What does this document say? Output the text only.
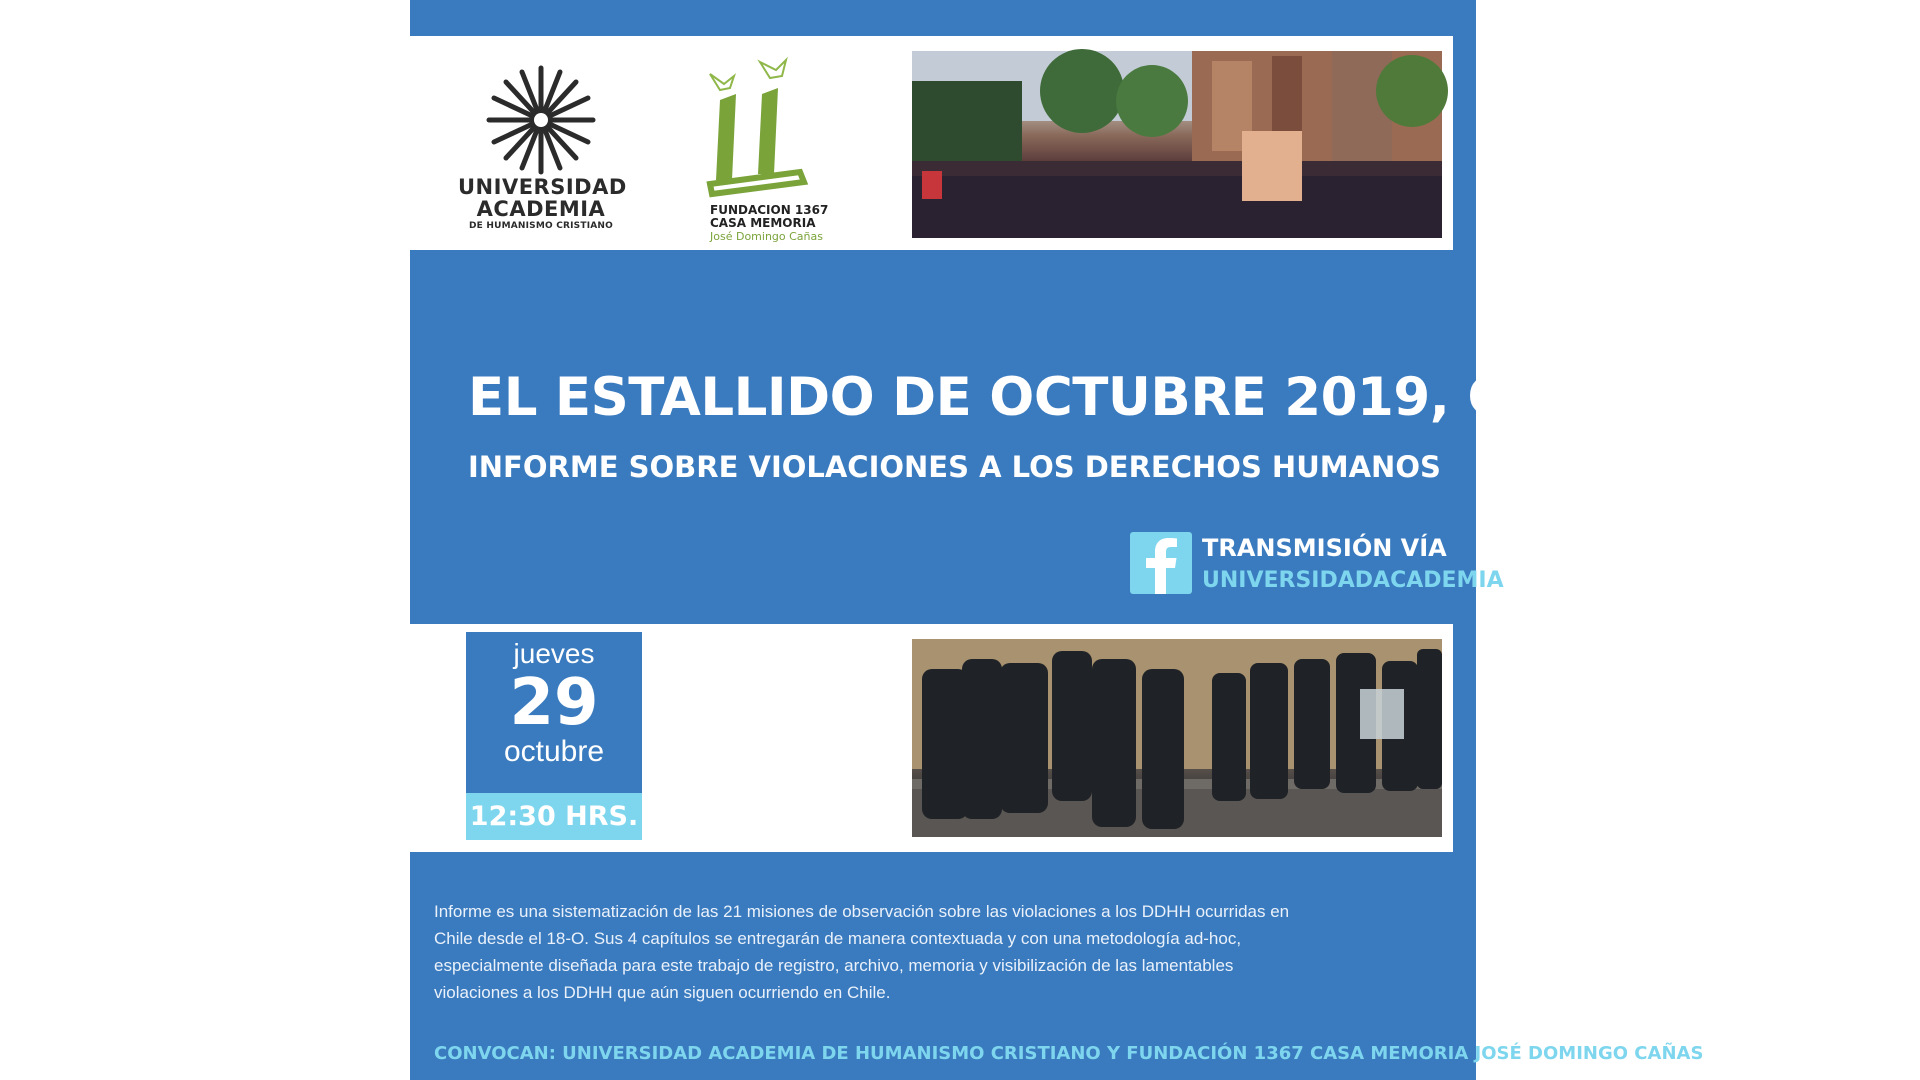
UNIVERSIDAD
ACADEMIA
DE HUMANISMO CRISTIANO
FUNDACION 1367
CASA MEMORIA
José Domingo Cañas
EL ESTALLIDO DE OCTUBRE 2019, CHILE.
INFORME SOBRE VIOLACIONES A LOS DERECHOS HUMANOS
TRANSMISIÓN VÍA
UNIVERSIDADACADEMIA
jueves
29
octubre
12:30 HRS.
Informe es una sistematización de las 21 misiones de observación sobre las violaciones a los DDHH ocurridas en Chile desde el 18-O. Sus 4 capítulos se entregarán de manera contextuada y con una metodología ad-hoc, especialmente diseñada para este trabajo de registro, archivo, memoria y visibilización de las lamentables violaciones a los DDHH que aún siguen ocurriendo en Chile.
CONVOCAN: UNIVERSIDAD ACADEMIA DE HUMANISMO CRISTIANO Y FUNDACIÓN 1367 CASA MEMORIA JOSÉ DOMINGO CAÑAS
